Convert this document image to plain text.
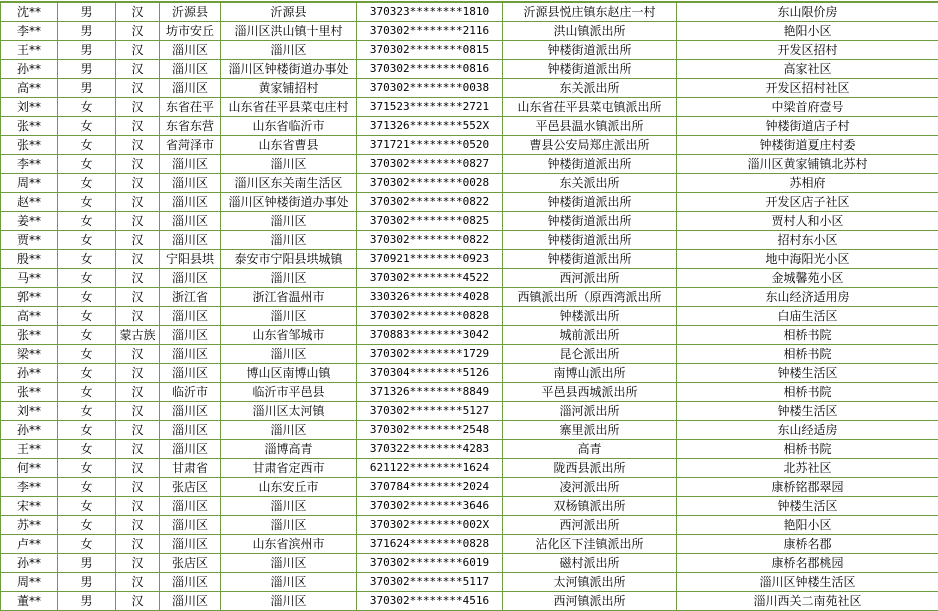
沈**	男	汉	沂源县	沂源县	370323********1810	沂源县悦庄镇东赵庄一村	东山限价房
李**	男	汉	坊市安丘	淄川区洪山镇十里村	370302********2116	洪山镇派出所	艳阳小区
王**	男	汉	淄川区	淄川区	370302********0815	钟楼街道派出所	开发区招村
孙**	男	汉	淄川区	淄川区钟楼街道办事处	370302********0816	钟楼街道派出所	高家社区
高**	男	汉	淄川区	黄家铺招村	370302********0038	东关派出所	开发区招村社区
刘**	女	汉	东省茌平	山东省茌平县菜屯庄村	371523********2721	山东省茌平县菜屯镇派出所	中梁首府壹号
张**	女	汉	东省东营	山东省临沂市	371326********552X	平邑县温水镇派出所	钟楼街道店子村
张**	女	汉	省菏泽市	山东省曹县	371721********0520	曹县公安局郑庄派出所	钟楼街道夏庄村委
李**	女	汉	淄川区	淄川区	370302********0827	钟楼街道派出所	淄川区黄家铺镇北苏村
周**	女	汉	淄川区	淄川区东关南生活区	370302********0028	东关派出所	苏相府
赵**	女	汉	淄川区	淄川区钟楼街道办事处	370302********0822	钟楼街道派出所	开发区店子社区
姜**	女	汉	淄川区	淄川区	370302********0825	钟楼街道派出所	贾村人和小区
贾**	女	汉	淄川区	淄川区	370302********0822	钟楼街道派出所	招村东小区
殷**	女	汉	宁阳县垬	泰安市宁阳县垬城镇	370921********0923	钟楼街道派出所	地中海阳光小区
马**	女	汉	淄川区	淄川区	370302********4522	西河派出所	金城馨苑小区
郭**	女	汉	浙江省	浙江省温州市	330326********4028	西镇派出所（原西湾派出所	东山经济适用房
高**	女	汉	淄川区	淄川区	370302********0828	钟楼派出所	白庙生活区
张**	女	蒙古族	淄川区	山东省邹城市	370883********3042	城前派出所	相桥书院
梁**	女	汉	淄川区	淄川区	370302********1729	昆仑派出所	相桥书院
孙**	女	汉	淄川区	博山区南博山镇	370304********5126	南博山派出所	钟楼生活区
张**	女	汉	临沂市	临沂市平邑县	371326********8849	平邑县西城派出所	相桥书院
刘**	女	汉	淄川区	淄川区太河镇	370302********5127	淄河派出所	钟楼生活区
孙**	女	汉	淄川区	淄川区	370302********2548	寨里派出所	东山经适房
王**	女	汉	淄川区	淄博高青	370322********4283	高青	相桥书院
何**	女	汉	甘肃省	甘肃省定西市	621122********1624	陇西县派出所	北苏社区
李**	女	汉	张店区	山东安丘市	370784********2024	凌河派出所	康桥铭郡翠园
宋**	女	汉	淄川区	淄川区	370302********3646	双杨镇派出所	钟楼生活区
苏**	女	汉	淄川区	淄川区	370302********002X	西河派出所	艳阳小区
卢**	女	汉	淄川区	山东省滨州市	371624********0828	沾化区下洼镇派出所	康桥名郡
孙**	男	汉	张店区	淄川区	370302********6019	磁村派出所	康桥名郡桃园
周**	男	汉	淄川区	淄川区	370302********5117	太河镇派出所	淄川区钟楼生活区
董**	男	汉	淄川区	淄川区	370302********4516	西河镇派出所	淄川西关二南苑社区
